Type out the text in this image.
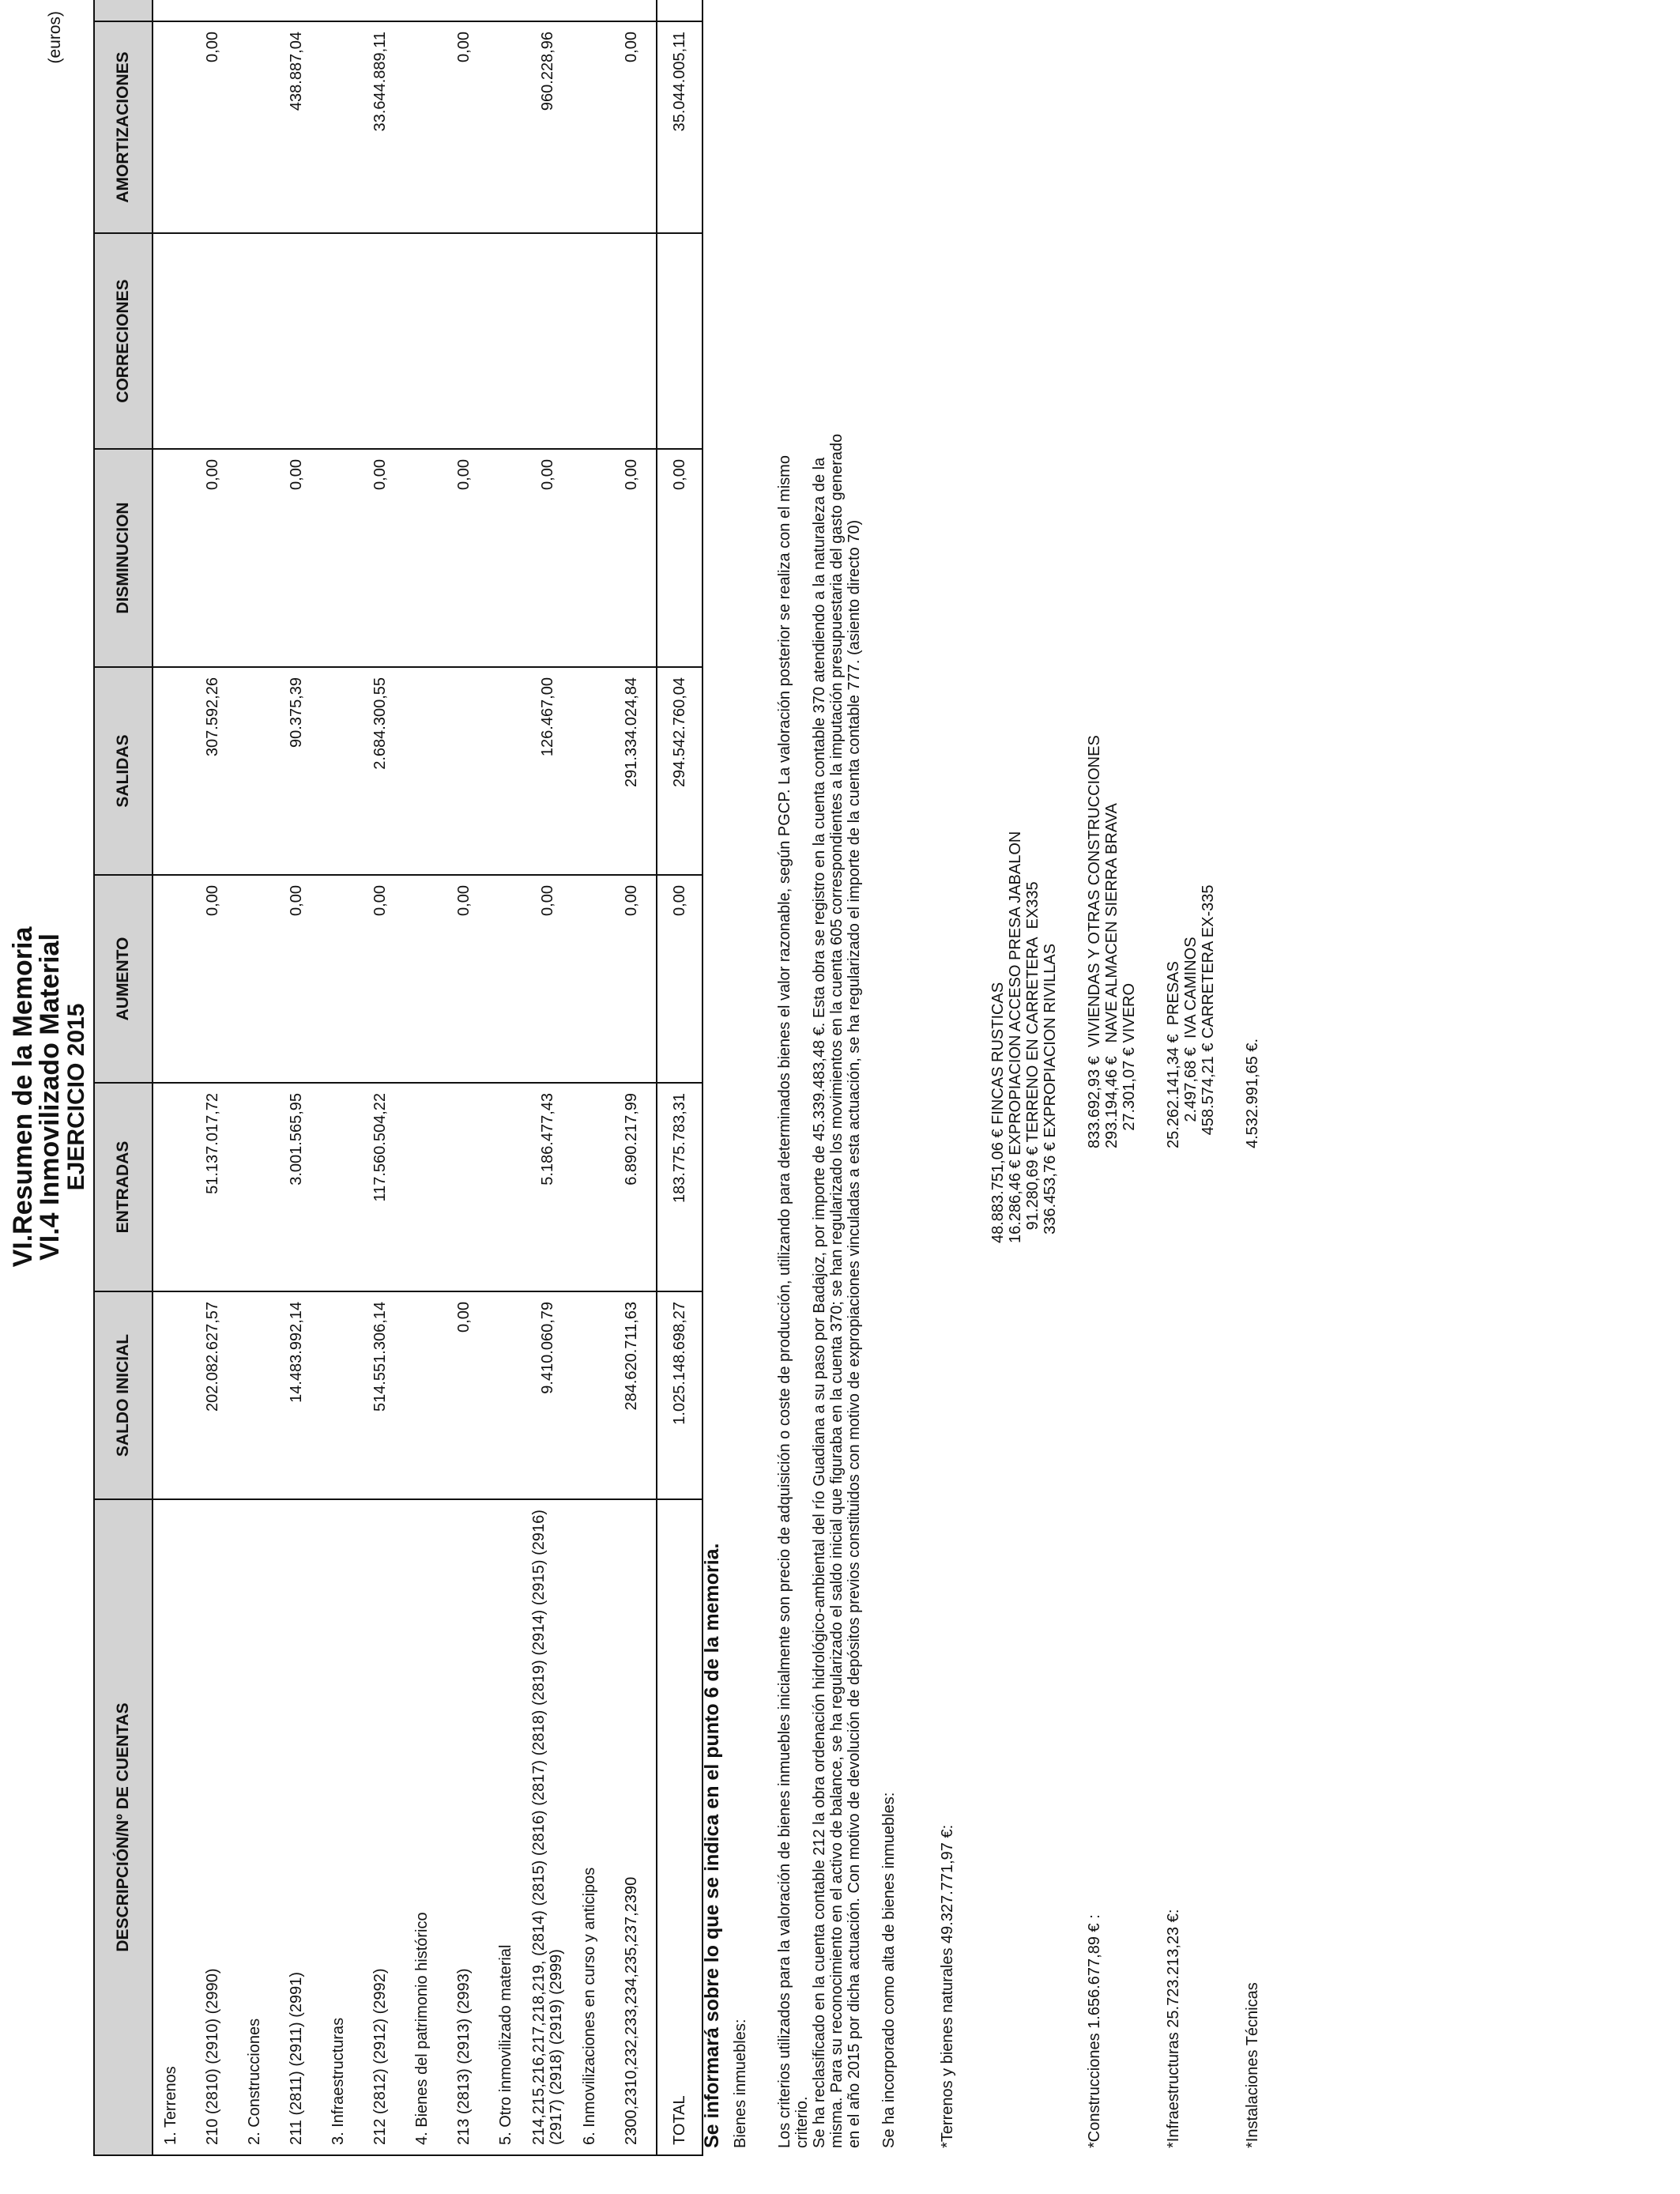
VI.Resumen de la Memoria
VI.4 Inmovilizado Material
EJERCICIO 2015
(euros)
DESCRIPCIÓN/Nº DE CUENTAS	SALDO INICIAL	ENTRADAS	AUMENTO	SALIDAS	DISMINUCION	CORRECIONES	AMORTIZACIONES	
1. Terrenos								
210 (2810) (2910) (2990)	202.082.627,57	51.137.017,72	0,00	307.592,26	0,00		0,00	
2. Construcciones								
211 (2811) (2911) (2991)	14.483.992,14	3.001.565,95	0,00	90.375,39	0,00		438.887,04	
3. Infraestructuras								
212 (2812) (2912) (2992)	514.551.306,14	117.560.504,22	0,00	2.684.300,55	0,00		33.644.889,11	
4. Bienes del patrimonio histórico								
213 (2813) (2913) (2993)	0,00		0,00		0,00		0,00	
5. Otro inmovilizado material								
214,215,216,217,218,219, (2814) (2815) (2816) (2817) (2818) (2819) (2914) (2915) (2916) (2917) (2918) (2919) (2999)	9.410.060,79	5.186.477,43	0,00	126.467,00	0,00		960.228,96	
6. Inmovilizaciones en curso y anticipos								
2300,2310,232,233,234,235,237,2390	284.620.711,63	6.890.217,99	0,00	291.334.024,84	0,00		0,00	
TOTAL	1.025.148.698,27	183.775.783,31	0,00	294.542.760,04	0,00		35.044.005,11	
Se informará sobre lo que se indica en el punto 6 de la memoria. Bienes inmuebles: Los criterios utilizados para la valoración de bienes inmuebles inicialmente son precio de adquisición o coste de producción, utilizando para determinados bienes el valor razonable, según PGCP. La valoración posterior se realiza con el mismo criterio. Se ha reclasificado en la cuenta contable 212 la obra ordenación hidrológico-ambiental del río Guadiana a su paso por Badajoz, por importe de 45.339.483,48 €. Esta obra se registro en la cuenta contable 370 atendiendo a la naturaleza de la misma. Para su reconocimiento en el activo de balance, se ha regularizado el saldo inicial que figuraba en la cuenta 370; se han regularizado los movimientos en la cuenta 605 correspondientes a la imputación presupuestaria del gasto generado en el año 2015 por dicha actuación. Con motivo de devolución de depósitos previos constituidos con motivo de expropiaciones vinculadas a esta actuación, se ha regularizado el importe de la cuenta contable 777. (asiento directo 70) Se ha incorporado como alta de bienes inmuebles:	*Terrenos y bienes naturales 49.327.771,97 €:
48.883.751,06 € FINCAS RUSTICAS
16.286,46 € EXPROPIACION ACCESO PRESA JABALON
91.280,69 € TERRENO EN CARRETERA  EX335
336.453,76 € EXPROPIACION RIVILLAS
*Construcciones 1.656.677,89 € :
833.692,93 €  VIVIENDAS Y OTRAS CONSTRUCCIONES
293.194,46 €   NAVE ALMACEN SIERRA BRAVA
27.301,07 € VIVERO
*Infraestructuras 25.723.213,23 €:
25.262.141,34 €  PRESAS
2.497,68 €  IVA CAMINOS
458.574,21 € CARRETERA EX-335
*Instalaciones Técnicas
4.532.991,65 €.
